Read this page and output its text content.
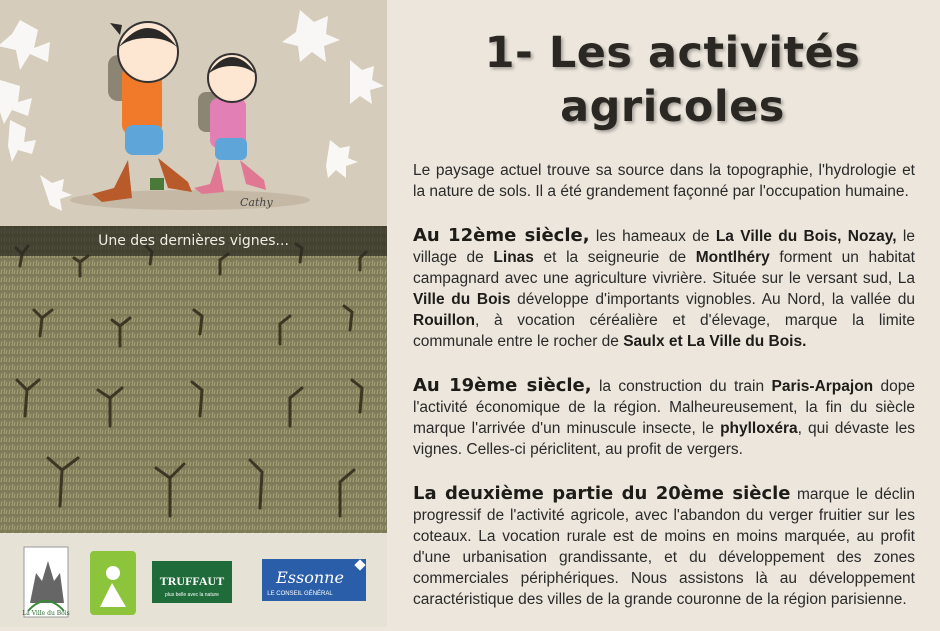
Cathy
Une des dernières vignes...
La Ville du Bois
TRUFFAUT
plus belle avec la nature
Essonne
LE CONSEIL GÉNÉRAL
1- Les activités agricoles
Le paysage actuel trouve sa source dans la topographie, l'hydrologie et la nature de sols. Il a été grandement façonné par l'occupation humaine.
Au 12ème siècle, les hameaux de La Ville du Bois, Nozay, le village de Linas et la seigneurie de Montlhéry forment un habitat campagnard avec une agriculture vivrière. Située sur le versant sud, La Ville du Bois développe d'importants vignobles. Au Nord, la vallée du Rouillon, à vocation céréalière et d'élevage, marque la limite communale entre le rocher de Saulx et La Ville du Bois.
Au 19ème siècle, la construction du train Paris-Arpajon dope l'activité économique de la région. Malheureusement, la fin du siècle marque l'arrivée d'un minuscule insecte, le phylloxéra, qui dévaste les vignes. Celles-ci périclitent, au profit de vergers.
La deuxième partie du 20ème siècle marque le déclin progressif de l'activité agricole, avec l'abandon du verger fruitier sur les coteaux. La vocation rurale est de moins en moins marquée, au profit d'une urbanisation grandissante, et du développement des zones commerciales périphériques. Nous assistons là au développement caractéristique des villes de la grande couronne de la région parisienne.
